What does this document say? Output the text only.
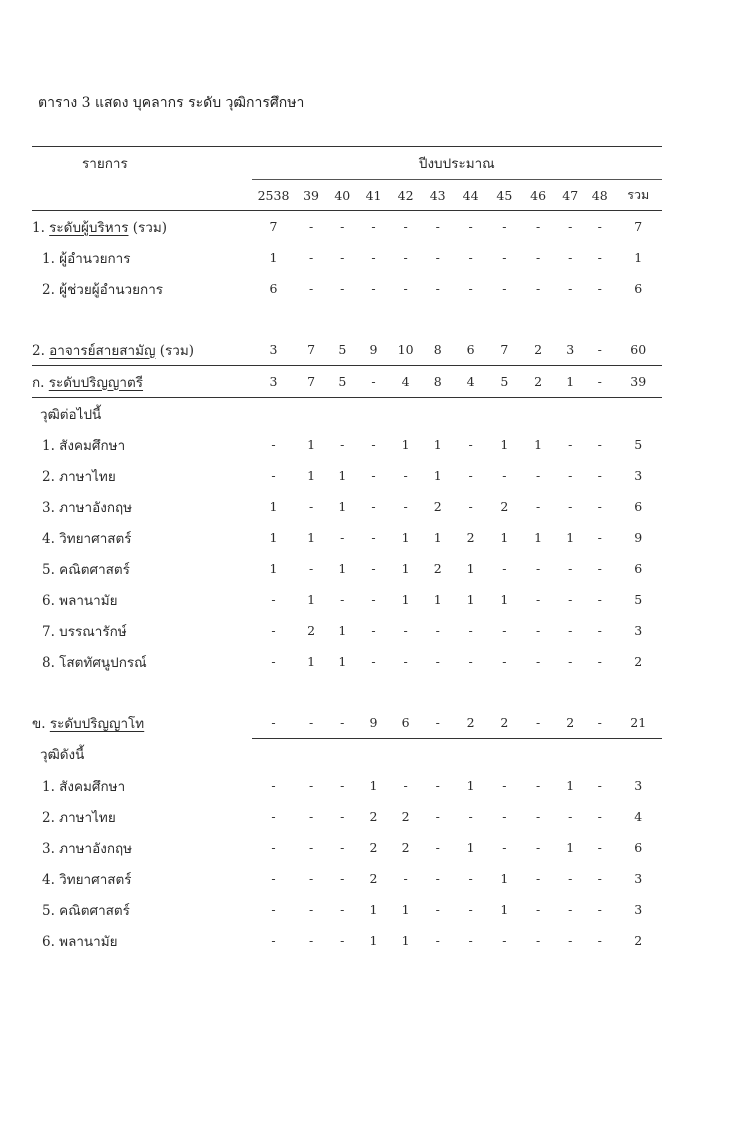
ตาราง 3 แสดง บุคลากร ระดับ วุฒิการศึกษา
รายการ	ปีงบประมาณ											
	2538	39	40	41	42	43	44	45	46	47	48	รวม
1. ระดับผู้บริหาร (รวม)	7	-	-	-	-	-	-	-	-	-	-	7
1. ผู้อำนวยการ	1	-	-	-	-	-	-	-	-	-	-	1
2. ผู้ช่วยผู้อำนวยการ	6	-	-	-	-	-	-	-	-	-	-	6

2. อาจารย์สายสามัญ (รวม)	3	7	5	9	10	8	6	7	2	3	-	60
ก. ระดับปริญญาตรี	3	7	5	-	4	8	4	5	2	1	-	39
วุฒิต่อไปนี้												
1. สังคมศึกษา	-	1	-	-	1	1	-	1	1	-	-	5
2. ภาษาไทย	-	1	1	-	-	1	-	-	-	-	-	3
3. ภาษาอังกฤษ	1	-	1	-	-	2	-	2	-	-	-	6
4. วิทยาศาสตร์	1	1	-	-	1	1	2	1	1	1	-	9
5. คณิตศาสตร์	1	-	1	-	1	2	1	-	-	-	-	6
6. พลานามัย	-	1	-	-	1	1	1	1	-	-	-	5
7. บรรณารักษ์	-	2	1	-	-	-	-	-	-	-	-	3
8. โสตทัศนูปกรณ์	-	1	1	-	-	-	-	-	-	-	-	2

ข. ระดับปริญญาโท	-	-	-	9	6	-	2	2	-	2	-	21
วุฒิดังนี้												
1. สังคมศึกษา	-	-	-	1	-	-	1	-	-	1	-	3
2. ภาษาไทย	-	-	-	2	2	-	-	-	-	-	-	4
3. ภาษาอังกฤษ	-	-	-	2	2	-	1	-	-	1	-	6
4. วิทยาศาสตร์	-	-	-	2	-	-	-	1	-	-	-	3
5. คณิตศาสตร์	-	-	-	1	1	-	-	1	-	-	-	3
6. พลานามัย	-	-	-	1	1	-	-	-	-	-	-	2
